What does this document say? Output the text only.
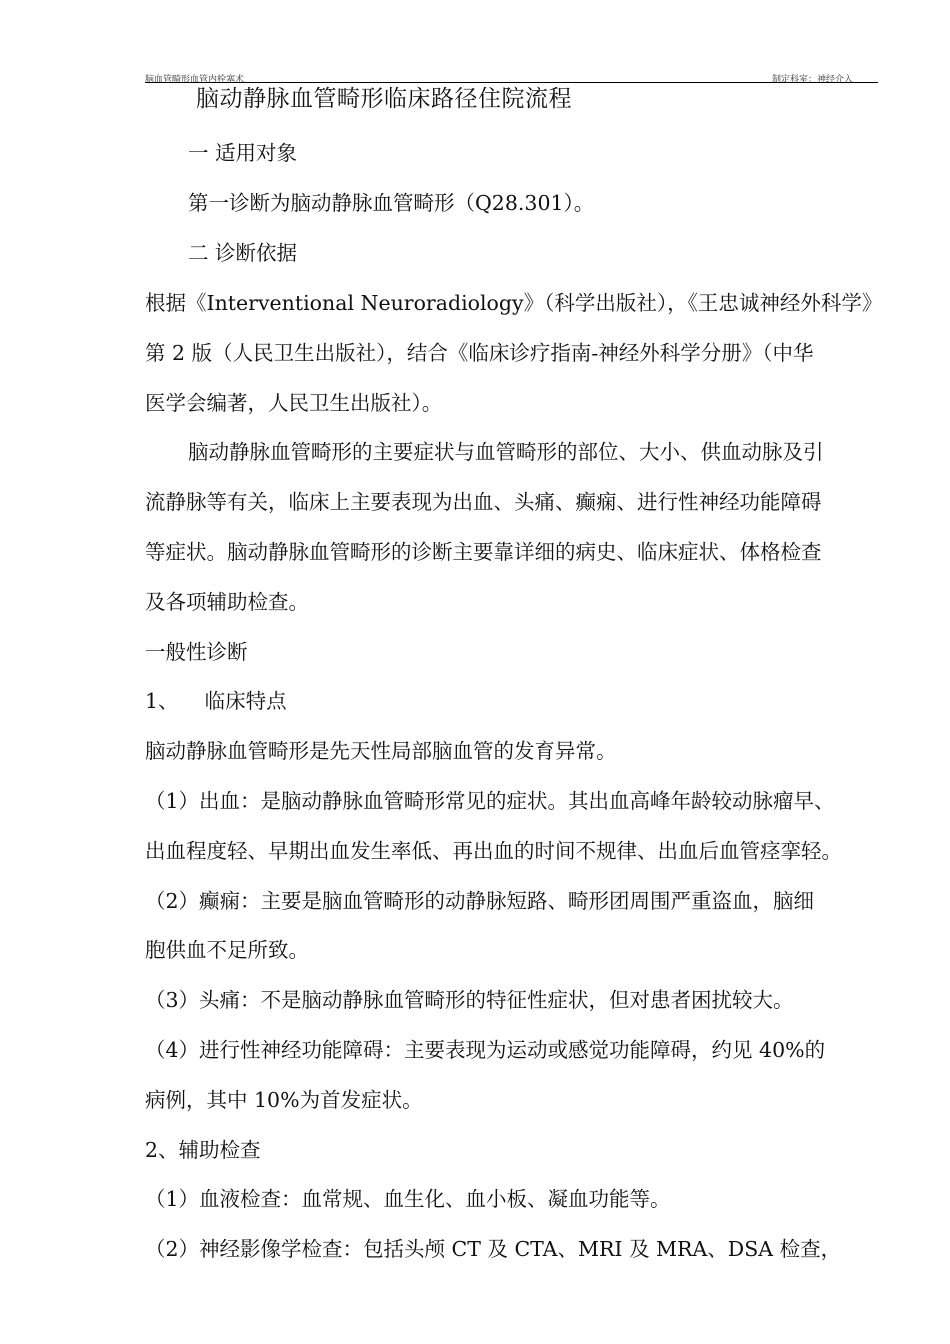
脑血管畸形血管内栓塞术	制定科室：神经介入
脑动静脉血管畸形临床路径住院流程
一 适用对象
第一诊断为脑动静脉血管畸形（Q28.301）。
二 诊断依据
根据《Interventional Neuroradiology》（科学出版社），《王忠诚神经外科学》
第 2 版（人民卫生出版社），结合《临床诊疗指南-神经外科学分册》（中华
医学会编著，人民卫生出版社）。
脑动静脉血管畸形的主要症状与血管畸形的部位、大小、供血动脉及引
流静脉等有关，临床上主要表现为出血、头痛、癫痫、进行性神经功能障碍
等症状。脑动静脉血管畸形的诊断主要靠详细的病史、临床症状、体格检查
及各项辅助检查。
一般性诊断
1、    临床特点
脑动静脉血管畸形是先天性局部脑血管的发育异常。
（1）出血：是脑动静脉血管畸形常见的症状。其出血高峰年龄较动脉瘤早、
出血程度轻、早期出血发生率低、再出血的时间不规律、出血后血管痉挛轻。
（2）癫痫：主要是脑血管畸形的动静脉短路、畸形团周围严重盗血，脑细
胞供血不足所致。
（3）头痛：不是脑动静脉血管畸形的特征性症状，但对患者困扰较大。
（4）进行性神经功能障碍：主要表现为运动或感觉功能障碍，约见 40%的
病例，其中 10%为首发症状。
2、辅助检查
（1）血液检查：血常规、血生化、血小板、凝血功能等。
（2）神经影像学检查：包括头颅 CT 及 CTA、MRI 及 MRA、DSA 检查，
